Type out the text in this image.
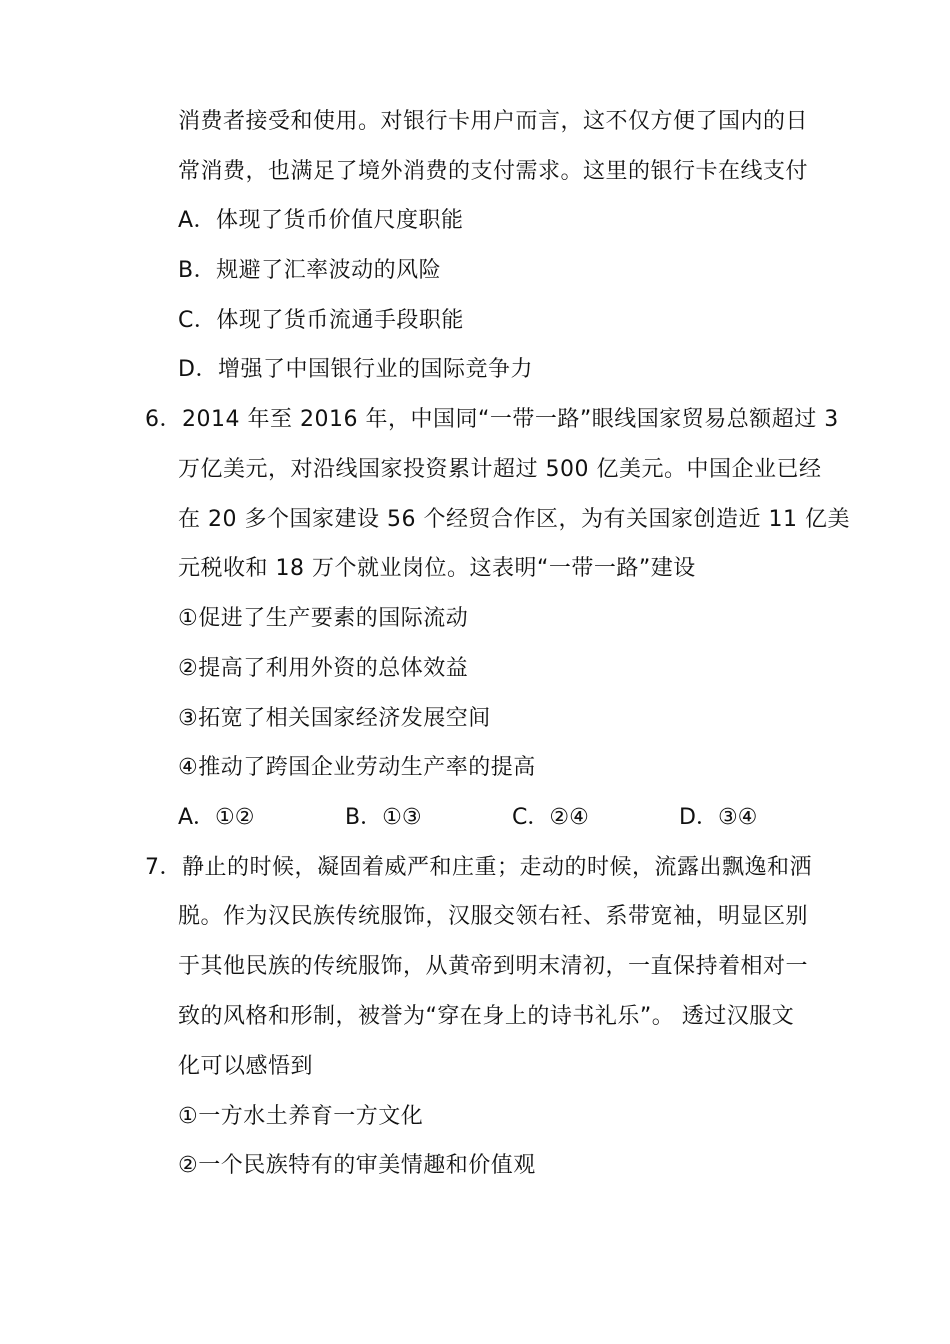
消费者接受和使用。对银行卡用户而言，这不仅方便了国内的日
常消费，也满足了境外消费的支付需求。这里的银行卡在线支付
A．体现了货币价值尺度职能
B．规避了汇率波动的风险
C．体现了货币流通手段职能
D．增强了中国银行业的国际竞争力
6．2014 年至 2016 年，中国同“一带一路”眼线国家贸易总额超过 3
万亿美元，对沿线国家投资累计超过 500 亿美元。中国企业已经
在 20 多个国家建设 56 个经贸合作区，为有关国家创造近 11 亿美
元税收和 18 万个就业岗位。这表明“一带一路”建设
①促进了生产要素的国际流动
②提高了利用外资的总体效益
③拓宽了相关国家经济发展空间
④推动了跨国企业劳动生产率的提高
A．①②	B．①③	C．②④	D．③④
7．静止的时候，凝固着威严和庄重；走动的时候，流露出飘逸和洒
脱。作为汉民族传统服饰，汉服交领右衽、系带宽袖，明显区别
于其他民族的传统服饰，从黄帝到明末清初，一直保持着相对一
致的风格和形制，被誉为“穿在身上的诗书礼乐”。 透过汉服文
化可以感悟到
①一方水土养育一方文化
②一个民族特有的审美情趣和价值观
